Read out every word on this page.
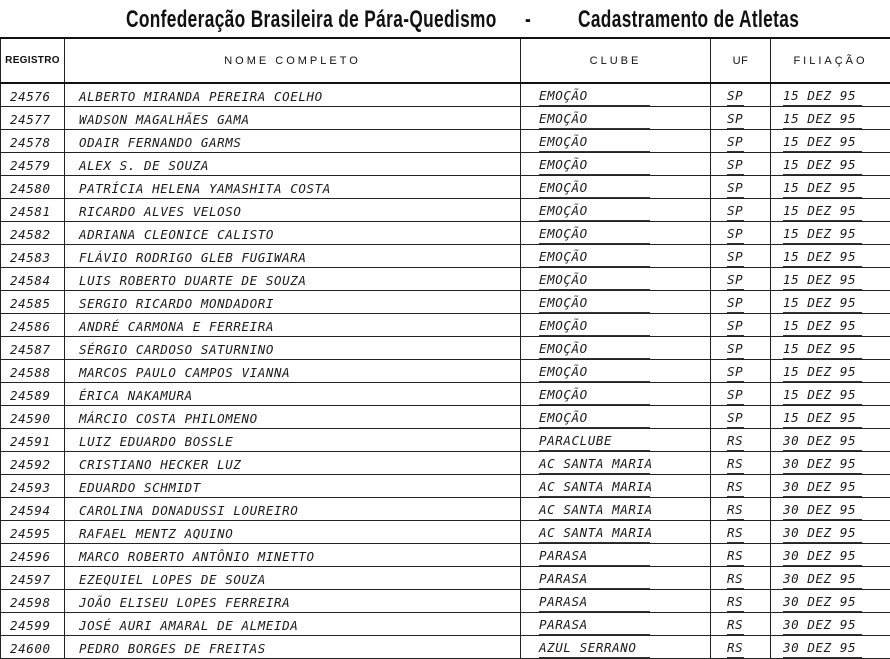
Confederação Brasileira de Pára-Quedismo - Cadastramento de Atletas
REGISTRO	NOME COMPLETO	CLUBE	UF	FILIAÇÃO

24576	ALBERTO MIRANDA PEREIRA COELHO	EMOÇÃO	SP	15 DEZ 95

24577	WADSON MAGALHÃES GAMA	EMOÇÃO	SP	15 DEZ 95

24578	ODAIR FERNANDO GARMS	EMOÇÃO	SP	15 DEZ 95

24579	ALEX S. DE SOUZA	EMOÇÃO	SP	15 DEZ 95

24580	PATRÍCIA HELENA YAMASHITA COSTA	EMOÇÃO	SP	15 DEZ 95

24581	RICARDO ALVES VELOSO	EMOÇÃO	SP	15 DEZ 95

24582	ADRIANA CLEONICE CALISTO	EMOÇÃO	SP	15 DEZ 95

24583	FLÁVIO RODRIGO GLEB FUGIWARA	EMOÇÃO	SP	15 DEZ 95

24584	LUIS ROBERTO DUARTE DE SOUZA	EMOÇÃO	SP	15 DEZ 95

24585	SERGIO RICARDO MONDADORI	EMOÇÃO	SP	15 DEZ 95

24586	ANDRÉ CARMONA E FERREIRA	EMOÇÃO	SP	15 DEZ 95

24587	SÉRGIO CARDOSO SATURNINO	EMOÇÃO	SP	15 DEZ 95

24588	MARCOS PAULO CAMPOS VIANNA	EMOÇÃO	SP	15 DEZ 95

24589	ÉRICA NAKAMURA	EMOÇÃO	SP	15 DEZ 95

24590	MÁRCIO COSTA PHILOMENO	EMOÇÃO	SP	15 DEZ 95

24591	LUIZ EDUARDO BOSSLE	PARACLUBE	RS	30 DEZ 95

24592	CRISTIANO HECKER LUZ	AC SANTA MARIA	RS	30 DEZ 95

24593	EDUARDO SCHMIDT	AC SANTA MARIA	RS	30 DEZ 95

24594	CAROLINA DONADUSSI LOUREIRO	AC SANTA MARIA	RS	30 DEZ 95

24595	RAFAEL MENTZ AQUINO	AC SANTA MARIA	RS	30 DEZ 95

24596	MARCO ROBERTO ANTÔNIO MINETTO	PARASA	RS	30 DEZ 95

24597	EZEQUIEL LOPES DE SOUZA	PARASA	RS	30 DEZ 95

24598	JOÃO ELISEU LOPES FERREIRA	PARASA	RS	30 DEZ 95

24599	JOSÉ AURI AMARAL DE ALMEIDA	PARASA	RS	30 DEZ 95

24600	PEDRO BORGES DE FREITAS	AZUL SERRANO	RS	30 DEZ 95
